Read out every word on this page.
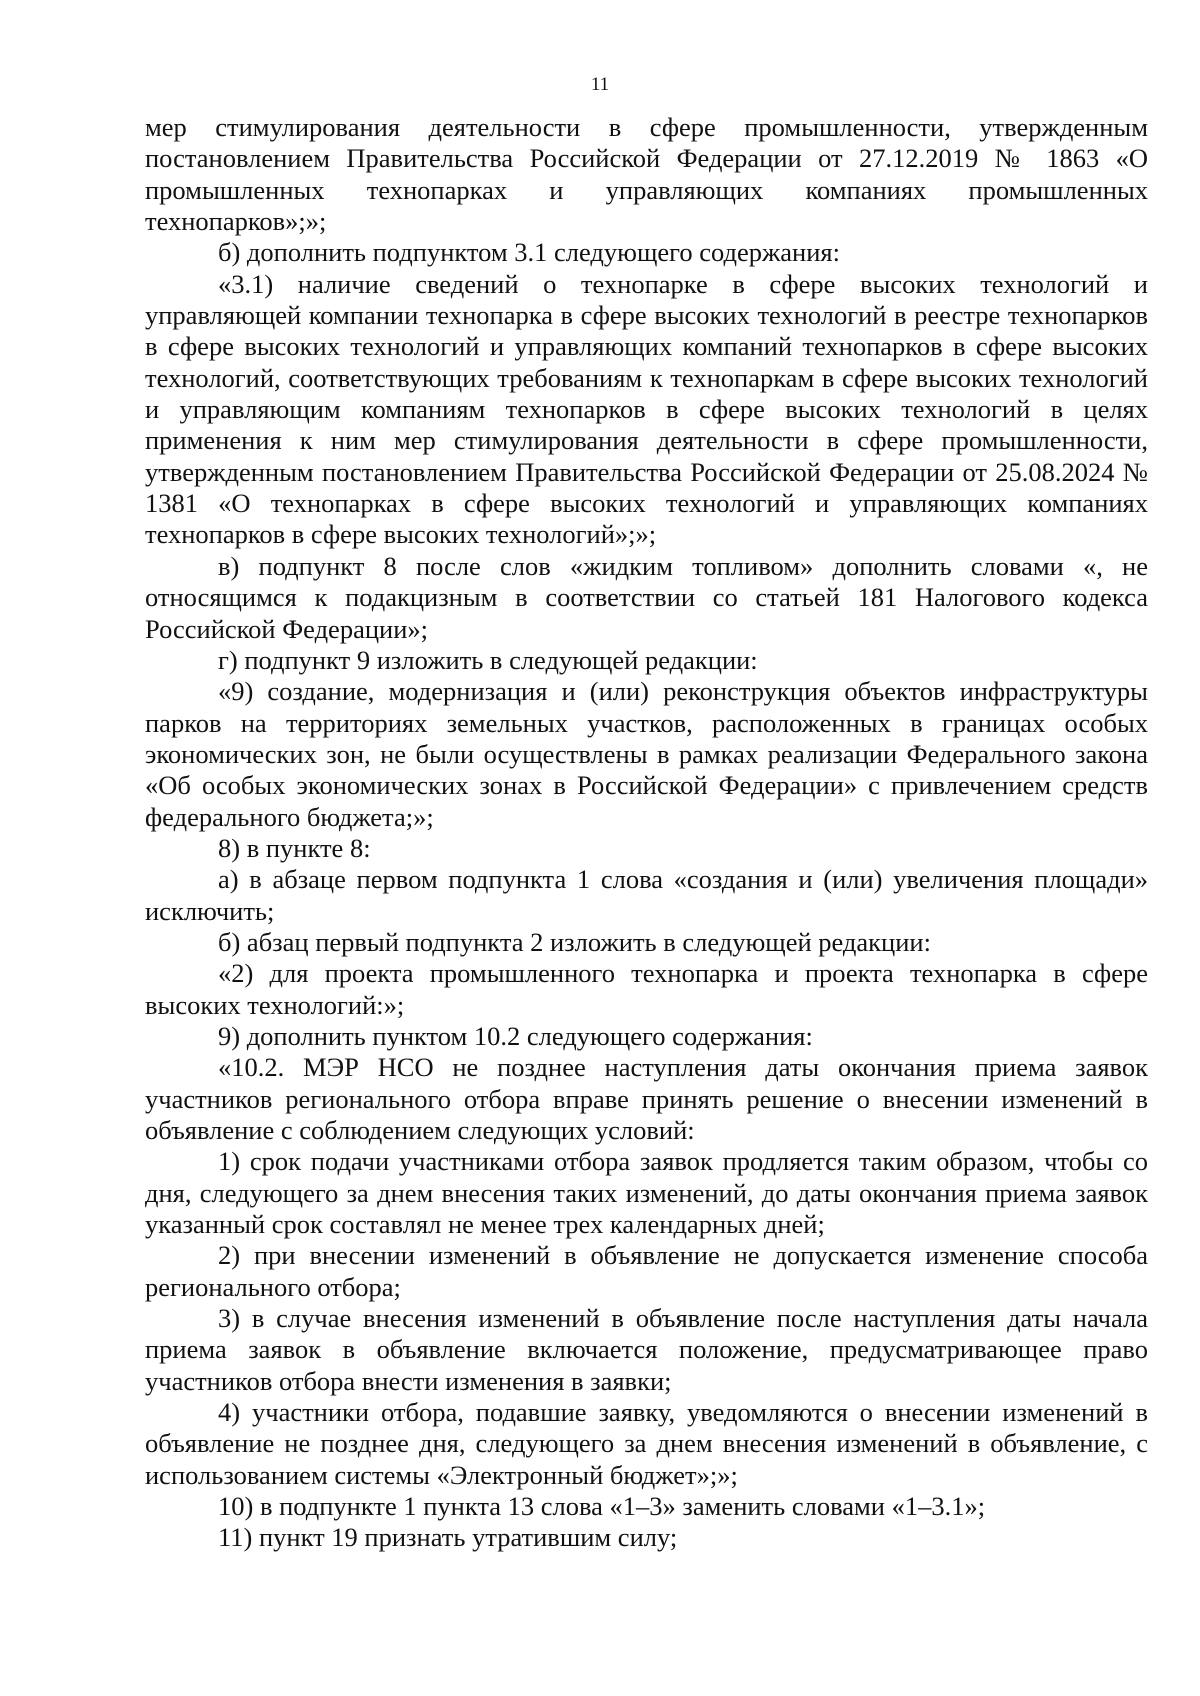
11

мер стимулирования деятельности в сфере промышленности, утвержденным постановлением Правительства Российской Федерации от 27.12.2019 № 1863 «О промышленных технопарках и управляющих компаниях промышленных технопарков»;»;

б) дополнить подпунктом 3.1 следующего содержания:

«3.1) наличие сведений о технопарке в сфере высоких технологий и управляющей компании технопарка в сфере высоких технологий в реестре технопарков в сфере высоких технологий и управляющих компаний технопарков в сфере высоких технологий, соответствующих требованиям к технопаркам в сфере высоких технологий и управляющим компаниям технопарков в сфере высоких технологий в целях применения к ним мер стимулирования деятельности в сфере промышленности, утвержденным постановлением Правительства Российской Федерации от 25.08.2024 № 1381 «О технопарках в сфере высоких технологий и управляющих компаниях технопарков в сфере высоких технологий»;»;

в) подпункт 8 после слов «жидким топливом» дополнить словами «, не относящимся к подакцизным в соответствии со статьей 181 Налогового кодекса Российской Федерации»;

г) подпункт 9 изложить в следующей редакции:

«9) создание, модернизация и (или) реконструкция объектов инфраструктуры парков на территориях земельных участков, расположенных в границах особых экономических зон, не были осуществлены в рамках реализации Федерального закона «Об особых экономических зонах в Российской Федерации» с привлечением средств федерального бюджета;»;

8) в пункте 8:

а) в абзаце первом подпункта 1 слова «создания и (или) увеличения площади» исключить;

б) абзац первый подпункта 2 изложить в следующей редакции:

«2) для проекта промышленного технопарка и проекта технопарка в сфере высоких технологий:»;

9) дополнить пунктом 10.2 следующего содержания:

«10.2. МЭР НСО не позднее наступления даты окончания приема заявок участников регионального отбора вправе принять решение о внесении изменений в объявление с соблюдением следующих условий:

1) срок подачи участниками отбора заявок продляется таким образом, чтобы со дня, следующего за днем внесения таких изменений, до даты окончания приема заявок указанный срок составлял не менее трех календарных дней;

2) при внесении изменений в объявление не допускается изменение способа регионального отбора;

3) в случае внесения изменений в объявление после наступления даты начала приема заявок в объявление включается положение, предусматривающее право участников отбора внести изменения в заявки;

4) участники отбора, подавшие заявку, уведомляются о внесении изменений в объявление не позднее дня, следующего за днем внесения изменений в объявление, с использованием системы «Электронный бюджет»;»;

10) в подпункте 1 пункта 13 слова «1–3» заменить словами «1–3.1»;

11) пункт 19 признать утратившим силу;
